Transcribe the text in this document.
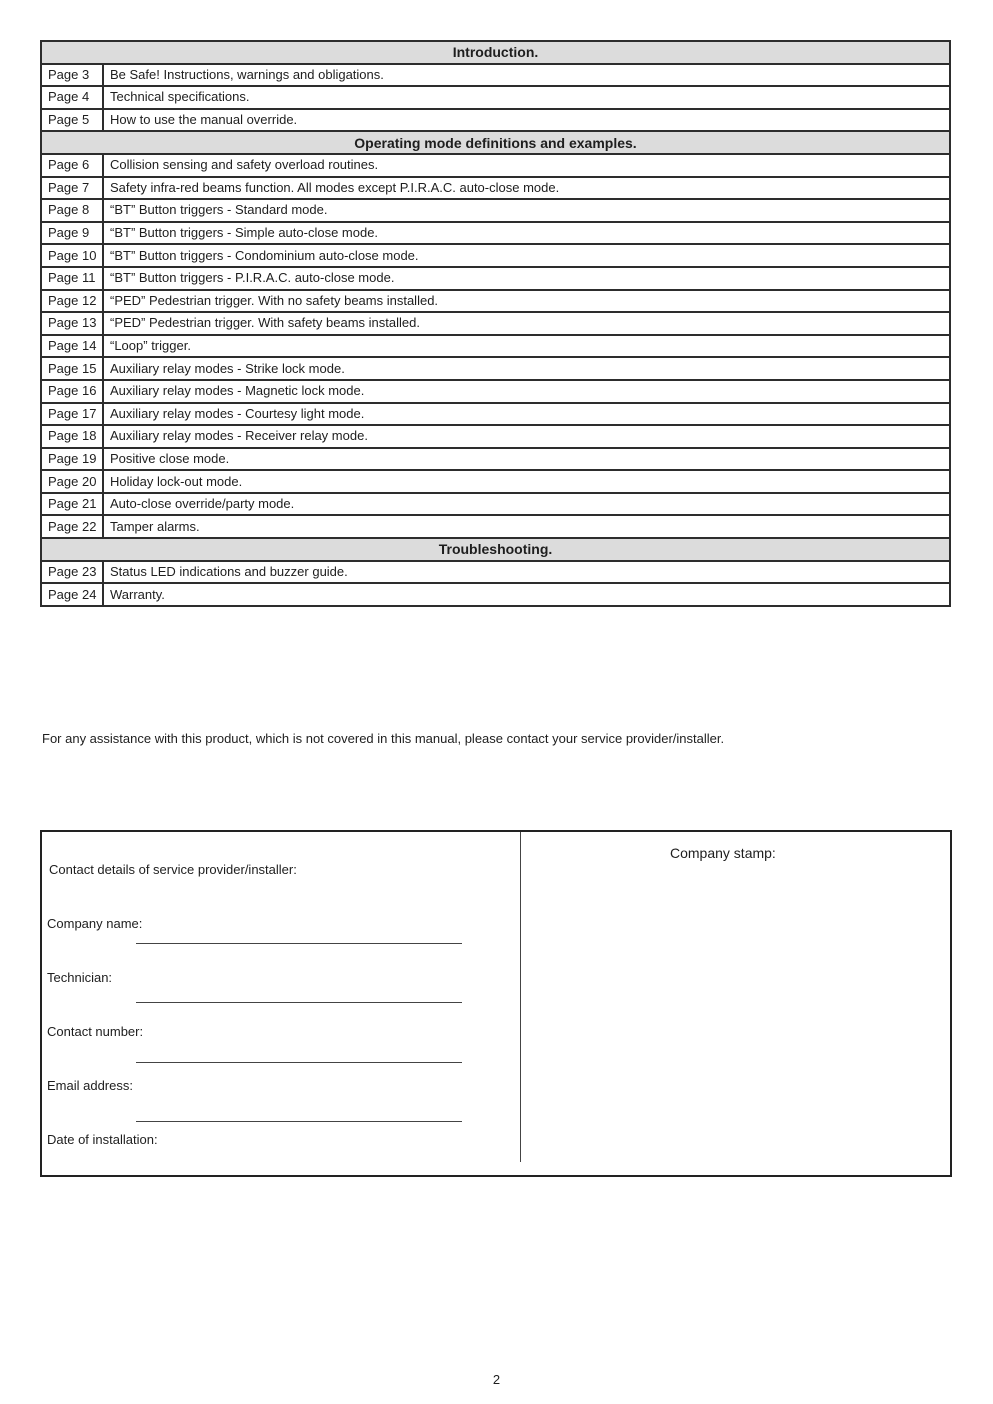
Introduction.	
Page 3	Be Safe! Instructions, warnings and obligations.
Page 4	Technical specifications.
Page 5	How to use the manual override.
Operating mode definitions and examples.	
Page 6	Collision sensing and safety overload routines.
Page 7	Safety infra-red beams function. All modes except P.I.R.A.C. auto-close mode.
Page 8	“BT” Button triggers - Standard mode.
Page 9	“BT” Button triggers - Simple auto-close mode.
Page 10	“BT” Button triggers - Condominium auto-close mode.
Page 11	“BT” Button triggers - P.I.R.A.C. auto-close mode.
Page 12	“PED” Pedestrian trigger. With no safety beams installed.
Page 13	“PED” Pedestrian trigger. With safety beams installed.
Page 14	“Loop” trigger.
Page 15	Auxiliary relay modes - Strike lock mode.
Page 16	Auxiliary relay modes - Magnetic lock mode.
Page 17	Auxiliary relay modes - Courtesy light mode.
Page 18	Auxiliary relay modes - Receiver relay mode.
Page 19	Positive close mode.
Page 20	Holiday lock-out mode.
Page 21	Auto-close override/party mode.
Page 22	Tamper alarms.
Troubleshooting.	
Page 23	Status LED indications and buzzer guide.
Page 24	Warranty.
For any assistance with this product, which is not covered in this manual, please contact your service provider/installer.
Contact details of service provider/installer:
Company name:
Technician:
Contact number:
Email address:
Date of installation:
Company stamp:
2
